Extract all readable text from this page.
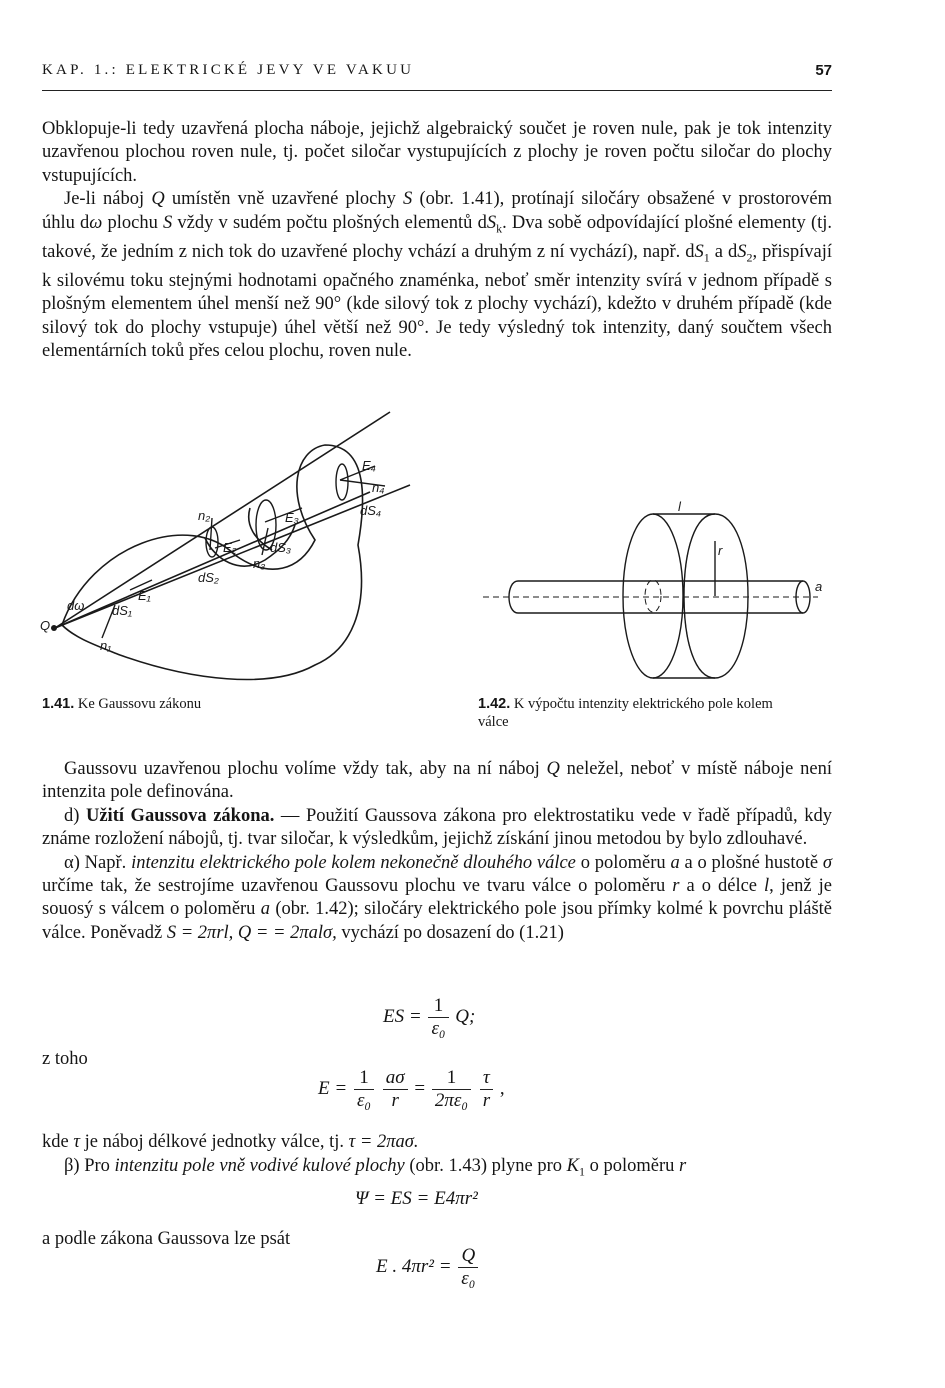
KAP. 1.: ELEKTRICKÉ JEVY VE VAKUU	57

Obklopuje-li tedy uzavřená plocha náboje, jejichž algebraický součet je roven nule, pak je tok intenzity uzavřenou plochou roven nule, tj. počet siločar vystupujících z plochy je roven počtu siločar do plochy vstupujících.

Je-li náboj Q umístěn vně uzavřené plochy S (obr. 1.41), protínají siločáry obsažené v prostorovém úhlu dω plochu S vždy v sudém počtu plošných elementů $dS_k$. Dva sobě odpovídající plošné elementy (tj. takové, že jedním z nich tok do uzavřené plochy vchází a druhým z ní vychází), např. $dS_1$ a $dS_2$, přispívají k silovému toku stejnými hodnotami opačného znaménka, neboť směr intenzity svírá v jednom případě s plošným elementem úhel menší než 90° (kde silový tok z plochy vychází), kdežto v druhém případě (kde silový tok do plochy vstupuje) úhel větší než 90°. Je tedy výsledný tok intenzity, daný součtem všech elementárních toků přes celou plochu, roven nule.

E₄
n₄
dS₄
n₂	E₃
E₂	dS₃
n₃
dS₂
E₁
dω dS₁
Q
n₁
1.41. Ke Gaussovu zákonu
l
r
a
1.42. K výpočtu intenzity elektrického pole kolem válce

Gaussovu uzavřenou plochu volíme vždy tak, aby na ní náboj Q neležel, neboť v místě náboje není intenzita pole definována.

d) Užití Gaussova zákona. — Použití Gaussova zákona pro elektrostatiku vede v řadě případů, kdy známe rozložení nábojů, tj. tvar siločar, k výsledkům, jejichž získání jinou metodou by bylo zdlouhavé.

α) Např. intenzitu elektrického pole kolem nekonečně dlouhého válce o poloměru a a o plošné hustotě σ určíme tak, že sestrojíme uzavřenou Gaussovu plochu ve tvaru válce o poloměru r a o délce l, jenž je souosý s válcem o poloměru a (obr. 1.42); siločáry elektrického pole jsou přímky kolmé k povrchu pláště válce. Poněvadž S = 2πrl, Q = = 2πalσ, vychází po dosazení do (1.21)

ES = $\frac{1}{\text{ε₀}} Q$;
z toho
$E = \frac{1}{\text{ε₀}}$
$\frac{a\sigma}{r} = \frac{1}{\text{2πε₀}}$
$\frac{\tau}{r}$ ,
kde τ je náboj délkové jednotky válce, tj. τ = 2πaσ.
β) Pro intenzitu pole vně vodivé kulové plochy (obr. 1.43) plyne pro $K_1$ o poloměru r
Ψ = ES = E4πr²
a podle zákona Gaussova lze psát
E . $4\pi r^2 = \frac{Q}{\text{ε₀}}$
